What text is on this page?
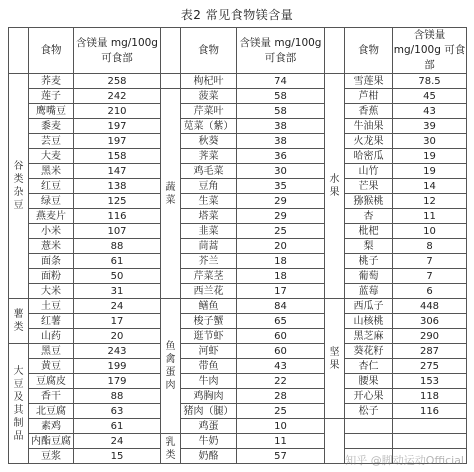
表2 常见食物镁含量
	食物	含镁量 mg/100g 可食部		食物	含镁量 mg/100g 可食部		食物	含镁量 mg/100g 可食部
谷类杂豆	荞麦	258		枸杞叶	74	水果	雪莲果	78.5
	莲子	242	蔬菜	菠菜	58		芦柑	45
	鹰嘴豆	210		芹菜叶	58		香蕉	43
	黍麦	197		苋菜（紫）	38		牛油果	39
	芸豆	197		秋葵	38		火龙果	30
	大麦	158		荠菜	36		哈密瓜	19
	黑米	147		鸡毛菜	30		山竹	19
	红豆	138		豆角	35		芒果	14
	绿豆	125		生菜	29		猕猴桃	12
	燕麦片	116		塔菜	29		杏	11
	小米	107		韭菜	25		枇杷	10
	薏米	88		茼蒿	20		梨	8
	面条	61		芥兰	18		桃子	7
	面粉	50		芹菜茎	18		葡萄	7
	大米	31		西兰花	17		蓝莓	6
薯类	土豆	24	鱼禽蛋肉	鳝鱼	84	坚果	西瓜子	448
	红薯	17		梭子蟹	65		山核桃	306
	山药	20		逛节虾	60		黑芝麻	290
大豆及其制品	黑豆	243		河虾	60		葵花籽	287
	黄豆	199		带鱼	43		杏仁	275
	豆腐皮	179		牛肉	22		腰果	153
	香干	88		鸡胸肉	28		开心果	118
	北豆腐	63		猪肉（腿）	25		松子	116
	素鸡	61		鸡蛋	10			
	内酯豆腐	24	乳类	牛奶	11			
	豆浆	15		奶酪	57				知乎 @脚动运动Official
